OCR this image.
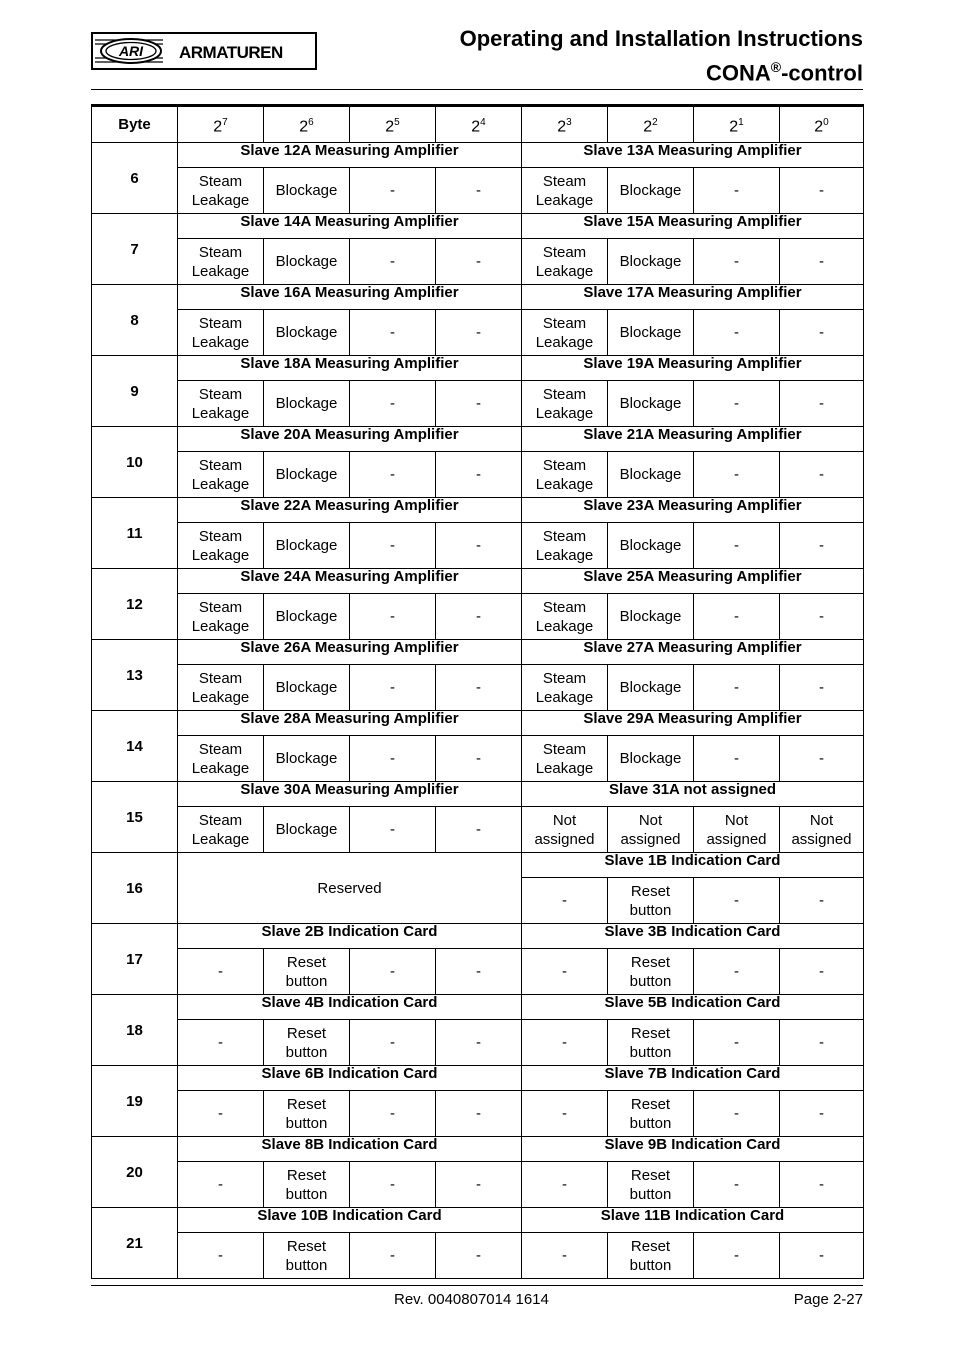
ARI ARMATUREN
Operating and Installation Instructions
CONA®-control
Byte	$2^7$	$2^6$	$2^5$	$2^4$	$2^3$	$2^2$	$2^1$	$2^0$
6	Slave 12A Measuring Amplifier				Slave 13A Measuring Amplifier			
	Steam Leakage	Blockage	-	-	Steam Leakage	Blockage	-	-
7	Slave 14A Measuring Amplifier				Slave 15A Measuring Amplifier			
	Steam Leakage	Blockage	-	-	Steam Leakage	Blockage	-	-
8	Slave 16A Measuring Amplifier				Slave 17A Measuring Amplifier			
	Steam Leakage	Blockage	-	-	Steam Leakage	Blockage	-	-
9	Slave 18A Measuring Amplifier				Slave 19A Measuring Amplifier			
	Steam Leakage	Blockage	-	-	Steam Leakage	Blockage	-	-
10	Slave 20A Measuring Amplifier				Slave 21A Measuring Amplifier			
	Steam Leakage	Blockage	-	-	Steam Leakage	Blockage	-	-
11	Slave 22A Measuring Amplifier				Slave 23A Measuring Amplifier			
	Steam Leakage	Blockage	-	-	Steam Leakage	Blockage	-	-
12	Slave 24A Measuring Amplifier				Slave 25A Measuring Amplifier			
	Steam Leakage	Blockage	-	-	Steam Leakage	Blockage	-	-
13	Slave 26A Measuring Amplifier				Slave 27A Measuring Amplifier			
	Steam Leakage	Blockage	-	-	Steam Leakage	Blockage	-	-
14	Slave 28A Measuring Amplifier				Slave 29A Measuring Amplifier			
	Steam Leakage	Blockage	-	-	Steam Leakage	Blockage	-	-
15	Slave 30A Measuring Amplifier				Slave 31A not assigned			
	Steam Leakage	Blockage	-	-	Not assigned	Not assigned	Not assigned	Not assigned
16	Reserved				Slave 1B Indication Card			
					-	Reset button	-	-
17	Slave 2B Indication Card				Slave 3B Indication Card			
	-	Reset button	-	-	-	Reset button	-	-
18	Slave 4B Indication Card				Slave 5B Indication Card			
	-	Reset button	-	-	-	Reset button	-	-
19	Slave 6B Indication Card				Slave 7B Indication Card			
	-	Reset button	-	-	-	Reset button	-	-
20	Slave 8B Indication Card				Slave 9B Indication Card			
	-	Reset button	-	-	-	Reset button	-	-
21	Slave 10B Indication Card				Slave 11B Indication Card			
	-	Reset button	-	-	-	Reset button	-	-
Rev. 0040807014 1614	Page 2-27
